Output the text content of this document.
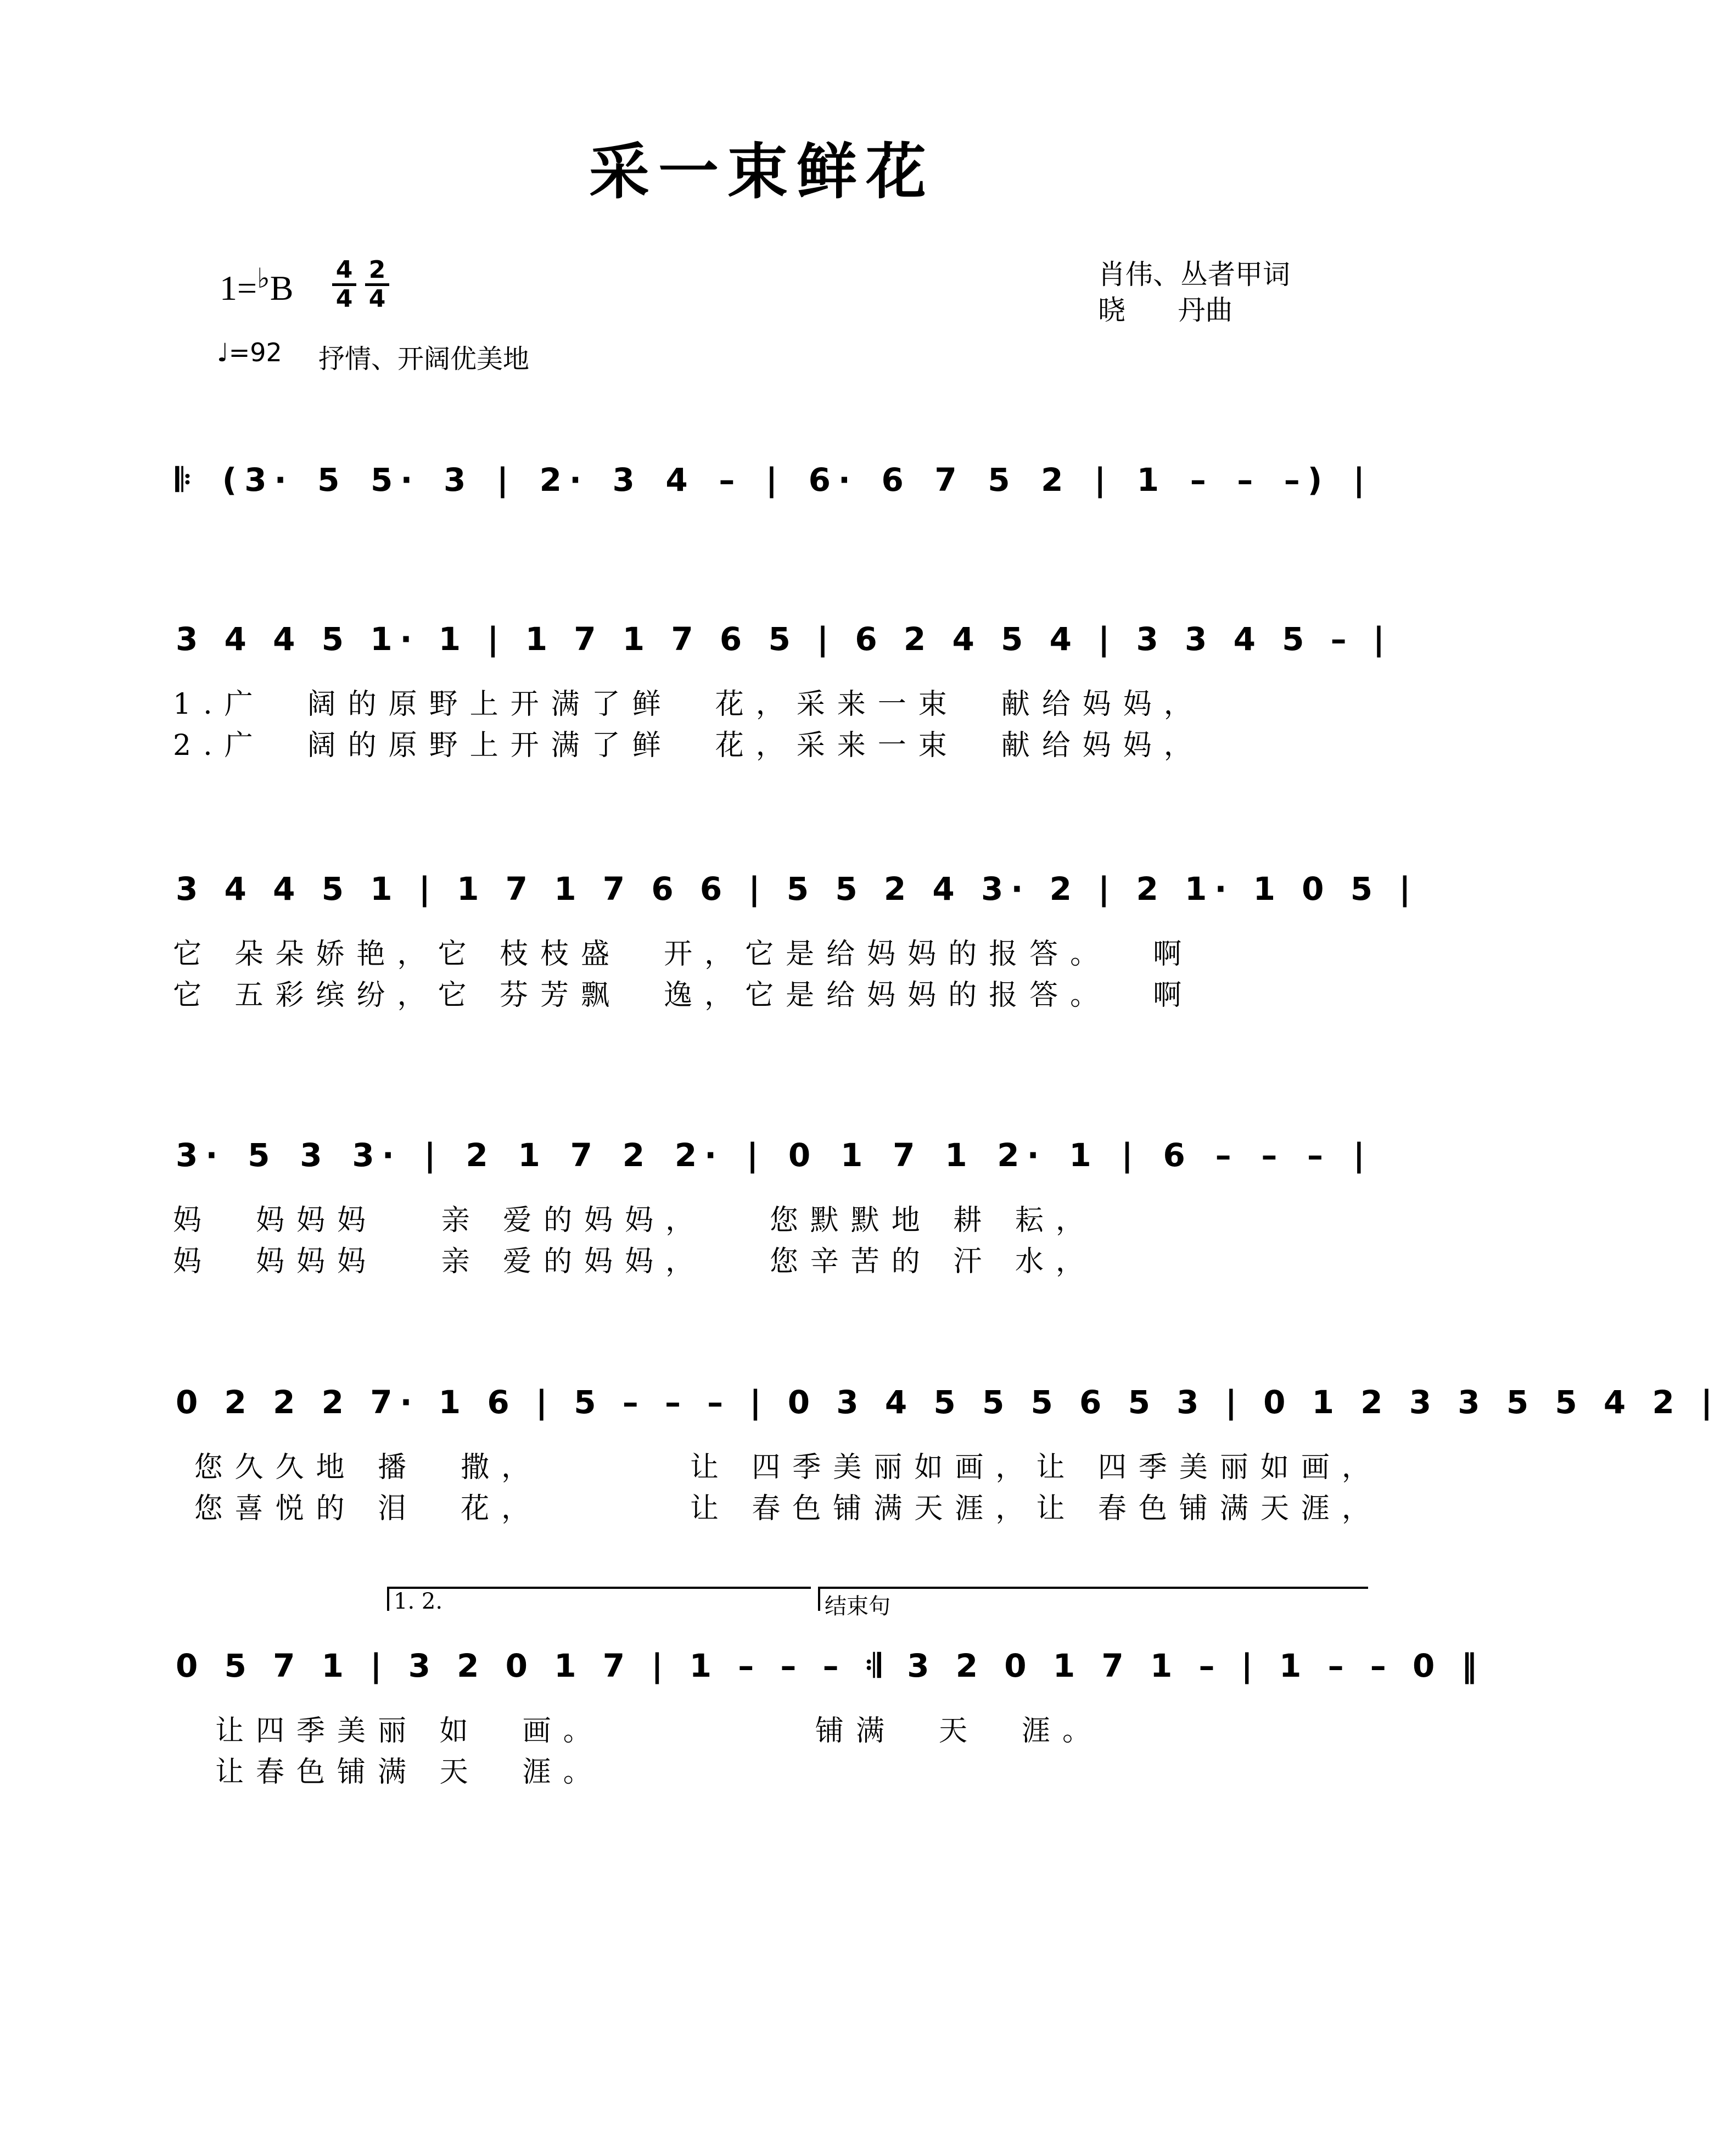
采一束鲜花
1=♭B 4
4
2
4
肖伟、丛者甲词
晓      丹曲
♩=92 抒情、开阔优美地
𝄆 (3· 5 5· 3 | 2· 3 4 – | 6· 6 7 5 2 | 1 – – –) |
3 4 4 5 1· 1 | 1 7 1 7 6 5 | 6 2 4 5 4 | 3 3 4 5 – |
1.广  阔的原野上开满了鲜  花，采来一束  献给妈妈，
2.广  阔的原野上开满了鲜  花，采来一束  献给妈妈，
3 4 4 5 1 | 1 7 1 7 6 6 | 5 5 2 4 3· 2 | 2 1· 1 0 5 |
它 朵朵娇艳，它 枝枝盛  开，它是给妈妈的报答。  啊
它 五彩缤纷，它 芬芳飘  逸，它是给妈妈的报答。  啊
3· 5 3 3· | 2 1 7 2 2· | 0 1 7 1 2· 1 | 6 – – – |
妈  妈妈妈   亲 爱的妈妈，   您默默地 耕 耘，
妈  妈妈妈   亲 爱的妈妈，   您辛苦的 汗 水，
0 2 2 2 7· 1 6 | 5 – – – | 0 3 4 5 5 5 6 5 3 | 0 1 2 3 3 5 5 4 2 |
您久久地 播  撒，       让 四季美丽如画，让 四季美丽如画，
您喜悦的 泪  花，       让 春色铺满天涯，让 春色铺满天涯，
0 5 7 1 | 3 2 0 1 7 | 1 – – – 𝄇 3 2 0 1 7 1 – | 1 – – 0 ‖
让四季美丽 如  画。          铺满  天  涯。
让春色铺满 天  涯。
1. 2.	结束句
